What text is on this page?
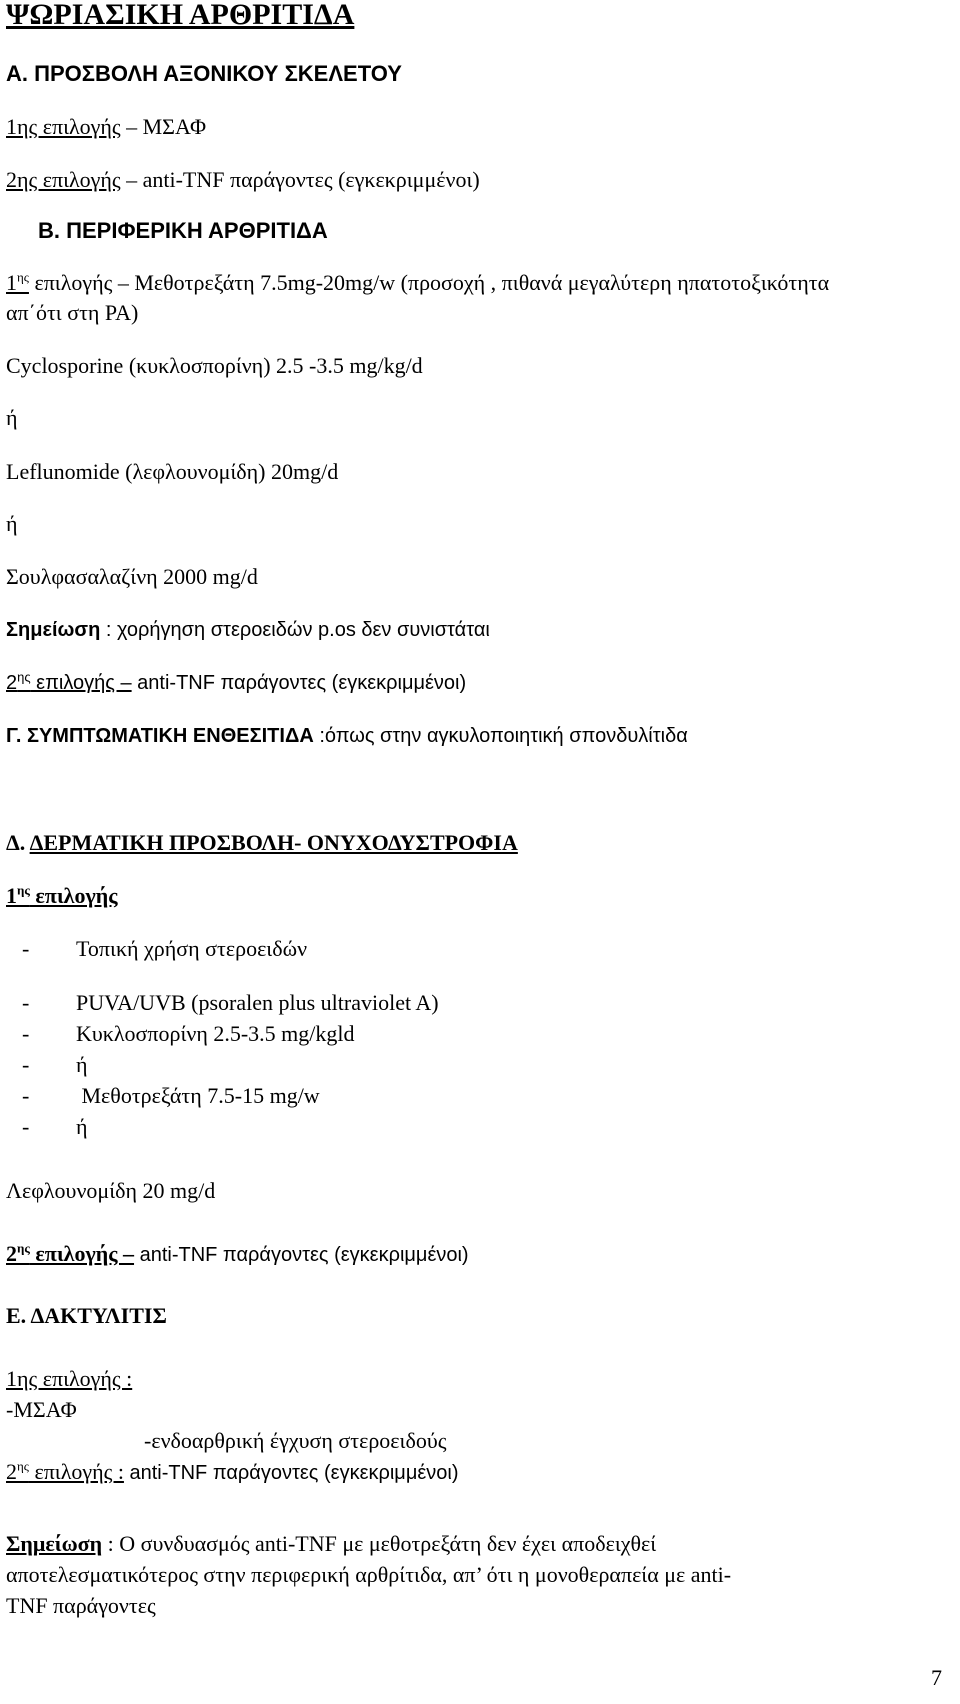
ΨΩΡΙΑΣΙΚΗ ΑΡΘΡΙΤΙΔΑ
Α. ΠΡΟΣΒΟΛΗ ΑΞΟΝΙΚΟΥ ΣΚΕΛΕΤΟΥ
1ης επιλογής – ΜΣΑΦ
2ης επιλογής – anti-TNF παράγοντες (εγκεκριμμένοι)
Β. ΠΕΡΙΦΕΡΙΚΗ ΑΡΘΡΙΤΙΔΑ
$1^{\eta\varsigma}$ επιλογής – Μεθοτρεξάτη 7.5mg-20mg/w (προσοχή , πιθανά μεγαλύτερη ηπατοτοξικότητα
απ΄ότι στη ΡΑ)
Cyclosporine (κυκλοσπορίνη) 2.5 -3.5 mg/kg/d
ή
Leflunomide (λεφλουνομίδη) 20mg/d
ή
Σουλφασαλαζίνη 2000 mg/d
Σημείωση : χορήγηση στεροειδών p.os δεν συνιστάται
$2^{\eta\varsigma}$ επιλογής – anti-TNF παράγοντες (εγκεκριμμένοι)
Γ. ΣΥΜΠΤΩΜΑΤΙΚΗ ΕΝΘΕΣΙΤΙΔΑ :όπως στην αγκυλοποιητική σπονδυλίτιδα
Δ. ΔΕΡΜΑΤΙΚΗ ΠΡΟΣΒΟΛΗ- ΟΝΥΧΟΔΥΣΤΡΟΦΙΑ
$1^{\eta\varsigma}$ επιλογής
- Τοπική χρήση στεροειδών
- PUVA/UVB (psoralen plus ultraviolet A)
- Κυκλοσπορίνη 2.5-3.5 mg/kgld
- ή
- Μεθοτρεξάτη 7.5-15 mg/w
- ή
Λεφλουνομίδη 20 mg/d
$2^{\eta\varsigma}$ επιλογής – anti-TNF παράγοντες (εγκεκριμμένοι)
Ε. ΔΑΚΤΥΛΙΤΙΣ
1ης επιλογής :
-ΜΣΑΦ
-ενδοαρθρική έγχυση στεροειδούς
$2^{\eta\varsigma}$ επιλογής : anti-TNF παράγοντες (εγκεκριμμένοι)
Σημείωση : Ο συνδυασμός anti-TNF με μεθοτρεξάτη δεν έχει αποδειχθεί
αποτελεσματικότερος στην περιφερική αρθρίτιδα, απ’ ότι η μονοθεραπεία με anti-
TNF παράγοντες
7
